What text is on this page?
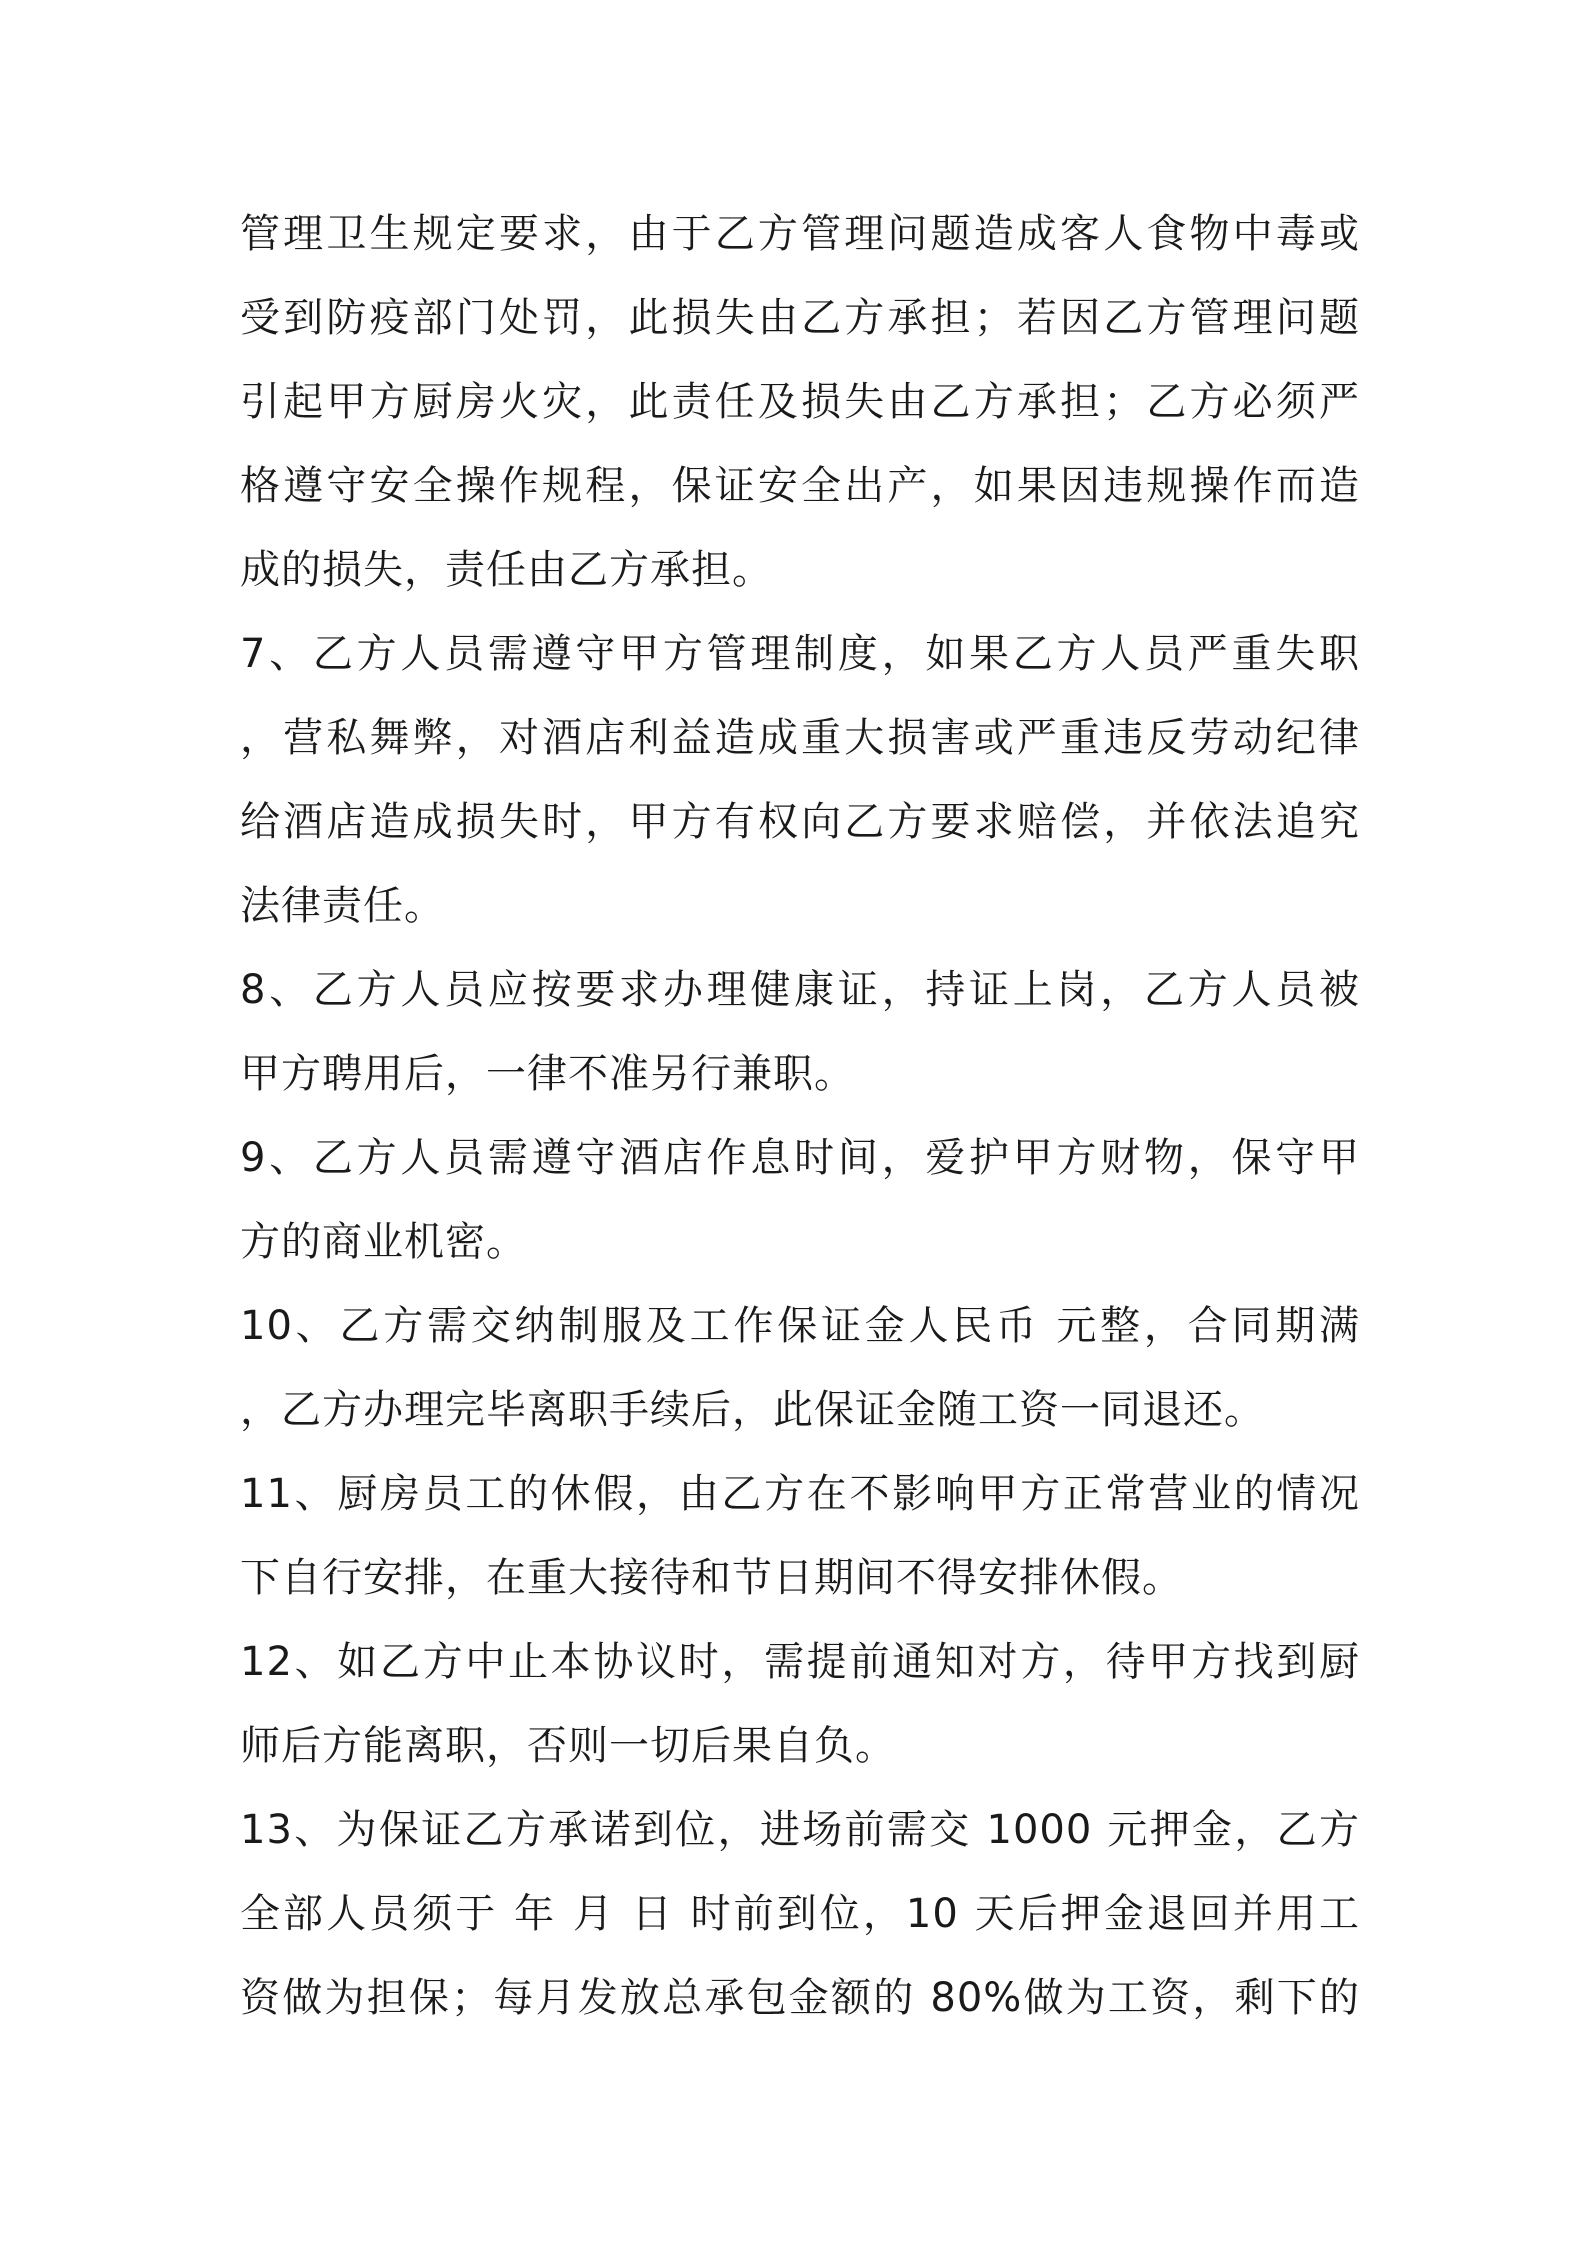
管理卫生规定要求，由于乙方管理问题造成客人食物中毒或
受到防疫部门处罚，此损失由乙方承担；若因乙方管理问题
引起甲方厨房火灾，此责任及损失由乙方承担；乙方必须严
格遵守安全操作规程，保证安全出产，如果因违规操作而造
成的损失，责任由乙方承担。
7、乙方人员需遵守甲方管理制度，如果乙方人员严重失职
，营私舞弊，对酒店利益造成重大损害或严重违反劳动纪律
给酒店造成损失时，甲方有权向乙方要求赔偿，并依法追究
法律责任。
8、乙方人员应按要求办理健康证，持证上岗，乙方人员被
甲方聘用后，一律不准另行兼职。
9、乙方人员需遵守酒店作息时间，爱护甲方财物，保守甲
方的商业机密。
10、乙方需交纳制服及工作保证金人民币 元整，合同期满
，乙方办理完毕离职手续后，此保证金随工资一同退还。
11、厨房员工的休假，由乙方在不影响甲方正常营业的情况
下自行安排，在重大接待和节日期间不得安排休假。
12、如乙方中止本协议时，需提前通知对方，待甲方找到厨
师后方能离职，否则一切后果自负。
13、为保证乙方承诺到位，进场前需交 1000 元押金，乙方
全部人员须于 年 月 日 时前到位，10 天后押金退回并用工
资做为担保；每月发放总承包金额的 80%做为工资，剩下的
